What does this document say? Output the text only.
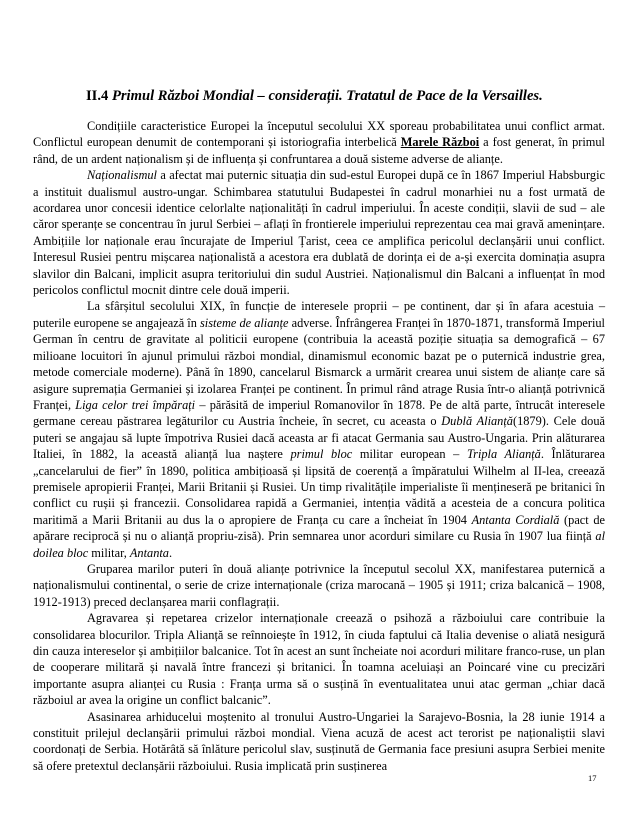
II.4 Primul Război Mondial – considerații. Tratatul de Pace de la Versailles.

Condițiile caracteristice Europei la începutul secolului XX sporeau probabilitatea unui conflict armat. Conflictul european denumit de contemporani și istoriografia interbelică Marele Război a fost generat, în primul rând, de un ardent naționalism și de influența și confruntarea a două sisteme adverse de alianțe.

Naționalismul a afectat mai puternic situația din sud-estul Europei după ce în 1867 Imperiul Habsburgic a instituit dualismul austro-ungar. Schimbarea statutului Budapestei în cadrul monarhiei nu a fost urmată de acordarea unor concesii identice celorlalte naționalități în cadrul imperiului. În aceste condiții, slavii de sud – ale căror speranțe se concentrau în jurul Serbiei – aflați în frontierele imperiului reprezentau cea mai gravă amenințare. Ambițiile lor naționale erau încurajate de Imperiul Țarist, ceea ce amplifica pericolul declanșării unui conflict. Interesul Rusiei pentru mișcarea naționalistă a acestora era dublată de dorința ei de a-și exercita dominația asupra slavilor din Balcani, implicit asupra teritoriului din sudul Austriei. Naționalismul din Balcani a influențat în mod pericolos conflictul mocnit dintre cele două imperii.

La sfârșitul secolului XIX, în funcție de interesele proprii – pe continent, dar și în afara acestuia – puterile europene se angajează în sisteme de alianțe adverse. Înfrângerea Franței în 1870-1871, transformă Imperiul German în centru de gravitate al politicii europene (contribuia la această poziție situația sa demografică – 67 milioane locuitori în ajunul primului război mondial, dinamismul economic bazat pe o puternică industrie grea, metode comerciale moderne). Până în 1890, cancelarul Bismarck a urmărit crearea unui sistem de alianțe care să asigure supremația Germaniei și izolarea Franței pe continent. În primul rând atrage Rusia într-o alianță potrivnică Franței, Liga celor trei împărați – părăsită de imperiul Romanovilor în 1878. Pe de altă parte, întrucât interesele germane cereau păstrarea legăturilor cu Austria încheie, în secret, cu aceasta o Dublă Alianță(1879). Cele două puteri se angajau să lupte împotriva Rusiei dacă aceasta ar fi atacat Germania sau Austro-Ungaria. Prin alăturarea Italiei, în 1882, la această alianță lua naștere primul bloc militar european – Tripla Alianță. Înlăturarea „cancelarului de fier” în 1890, politica ambițioasă și lipsită de coerență a împăratului Wilhelm al II-lea, creează premisele apropierii Franței, Marii Britanii și Rusiei. Un timp rivalitățile imperialiste îi mențineseră pe britanici în conflict cu rușii și francezii. Consolidarea rapidă a Germaniei, intenția vădită a acesteia de a concura politica maritimă a Marii Britanii au dus la o apropiere de Franța cu care a încheiat în 1904 Antanta Cordială (pact de apărare reciprocă și nu o alianță propriu-zisă). Prin semnarea unor acorduri similare cu Rusia în 1907 lua ființă al doilea bloc militar, Antanta.

Gruparea marilor puteri în două alianțe potrivnice la începutul secolul XX, manifestarea puternică a naționalismului continental, o serie de crize internaționale (criza marocană – 1905 și 1911; criza balcanică – 1908, 1912-1913) preced declanșarea marii conflagrații.

Agravarea și repetarea crizelor internaționale creează o psihoză a războiului care contribuie la consolidarea blocurilor. Tripla Alianță se reînnoiește în 1912, în ciuda faptului că Italia devenise o aliată nesigură din cauza intereselor și ambițiilor balcanice. Tot în acest an sunt încheiate noi acorduri militare franco-ruse, un plan de cooperare militară și navală între francezi și britanici. În toamna aceluiași an Poincaré vine cu precizări importante asupra alianței cu Rusia : Franța urma să o susțină în eventualitatea unui atac german „chiar dacă războiul ar avea la origine un conflict balcanic”.

Asasinarea arhiducelui moștenito al tronului Austro-Ungariei la Sarajevo-Bosnia, la 28 iunie 1914 a constituit prilejul declanșării primului război mondial. Viena acuză de acest act terorist pe naționaliștii slavi coordonați de Serbia. Hotărâtă să înlăture pericolul slav, susținută de Germania face presiuni asupra Serbiei menite să ofere pretextul declanșării războiului. Rusia implicată prin susținerea

17
